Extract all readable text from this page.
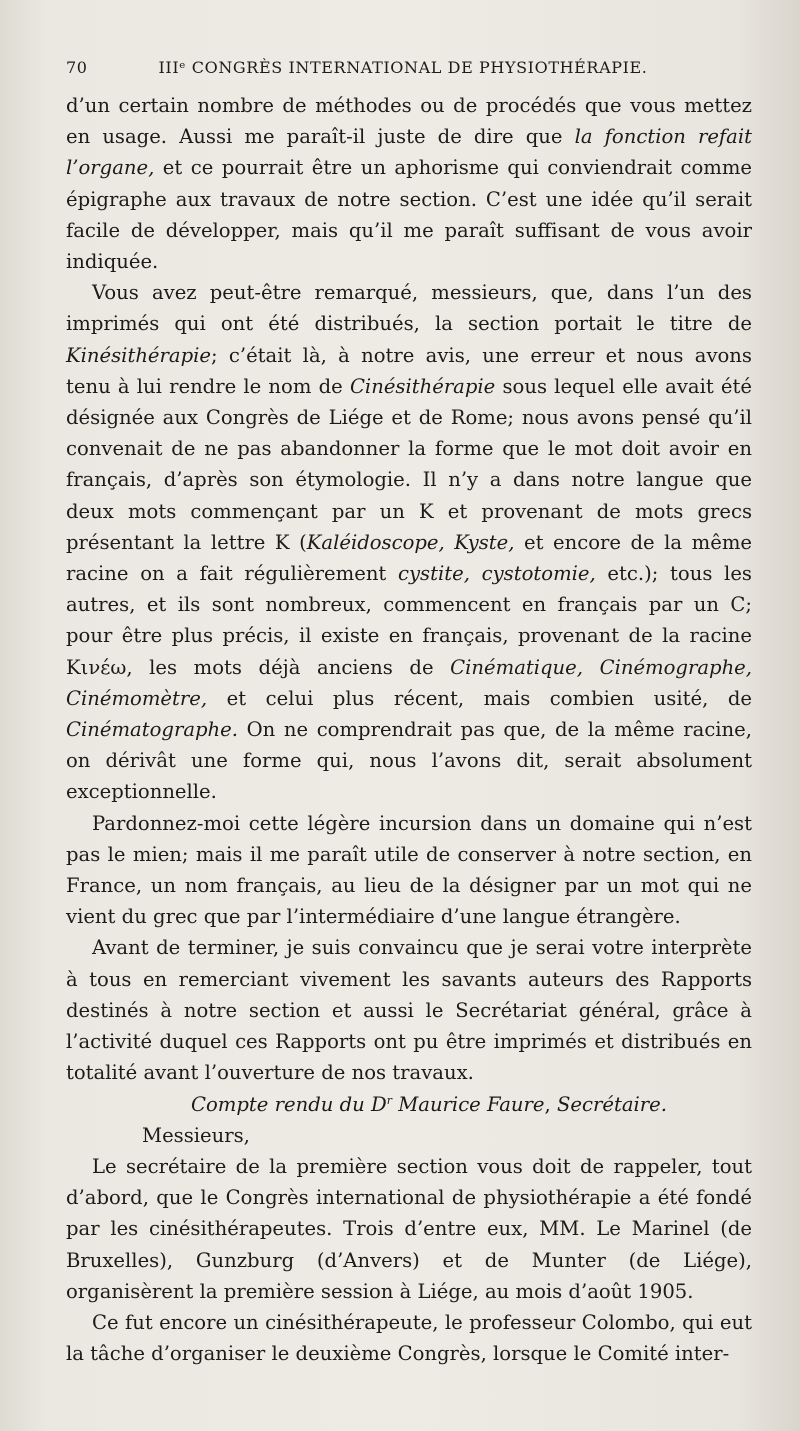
70	IIIᵉ CONGRÈS INTERNATIONAL DE PHYSIOTHÉRAPIE.

d’un certain nombre de méthodes ou de procédés que vous mettez en usage. Aussi me paraît-il juste de dire que la fonction refait l’organe, et ce pourrait être un aphorisme qui conviendrait comme épigraphe aux travaux de notre section. C’est une idée qu’il serait facile de développer, mais qu’il me paraît suffisant de vous avoir indiquée.

Vous avez peut-être remarqué, messieurs, que, dans l’un des imprimés qui ont été distribués, la section portait le titre de Kinésithérapie; c’était là, à notre avis, une erreur et nous avons tenu à lui rendre le nom de Cinésithérapie sous lequel elle avait été désignée aux Congrès de Liége et de Rome; nous avons pensé qu’il convenait de ne pas abandonner la forme que le mot doit avoir en français, d’après son étymologie. Il n’y a dans notre langue que deux mots commençant par un K et provenant de mots grecs présentant la lettre K (Kaléidoscope, Kyste, et encore de la même racine on a fait régulièrement cystite, cystotomie, etc.); tous les autres, et ils sont nombreux, commencent en français par un C; pour être plus précis, il existe en français, provenant de la racine Κινέω, les mots déjà anciens de Cinématique, Cinémographe, Cinémomètre, et celui plus récent, mais combien usité, de Cinématographe. On ne comprendrait pas que, de la même racine, on dérivât une forme qui, nous l’avons dit, serait absolument exceptionnelle.

Pardonnez-moi cette légère incursion dans un domaine qui n’est pas le mien; mais il me paraît utile de conserver à notre section, en France, un nom français, au lieu de la désigner par un mot qui ne vient du grec que par l’intermédiaire d’une langue étrangère.

Avant de terminer, je suis convaincu que je serai votre interprète à tous en remerciant vivement les savants auteurs des Rapports destinés à notre section et aussi le Secrétariat général, grâce à l’activité duquel ces Rapports ont pu être imprimés et distribués en totalité avant l’ouverture de nos travaux.

Compte rendu du $D^r$ Maurice Faure, Secrétaire.

Messieurs,

Le secrétaire de la première section vous doit de rappeler, tout d’abord, que le Congrès international de physiothérapie a été fondé par les cinésithérapeutes. Trois d’entre eux, MM. Le Marinel (de Bruxelles), Gunzburg (d’Anvers) et de Munter (de Liége), organisèrent la première session à Liége, au mois d’août 1905.

Ce fut encore un cinésithérapeute, le professeur Colombo, qui eut la tâche d’organiser le deuxième Congrès, lorsque le Comité inter-
